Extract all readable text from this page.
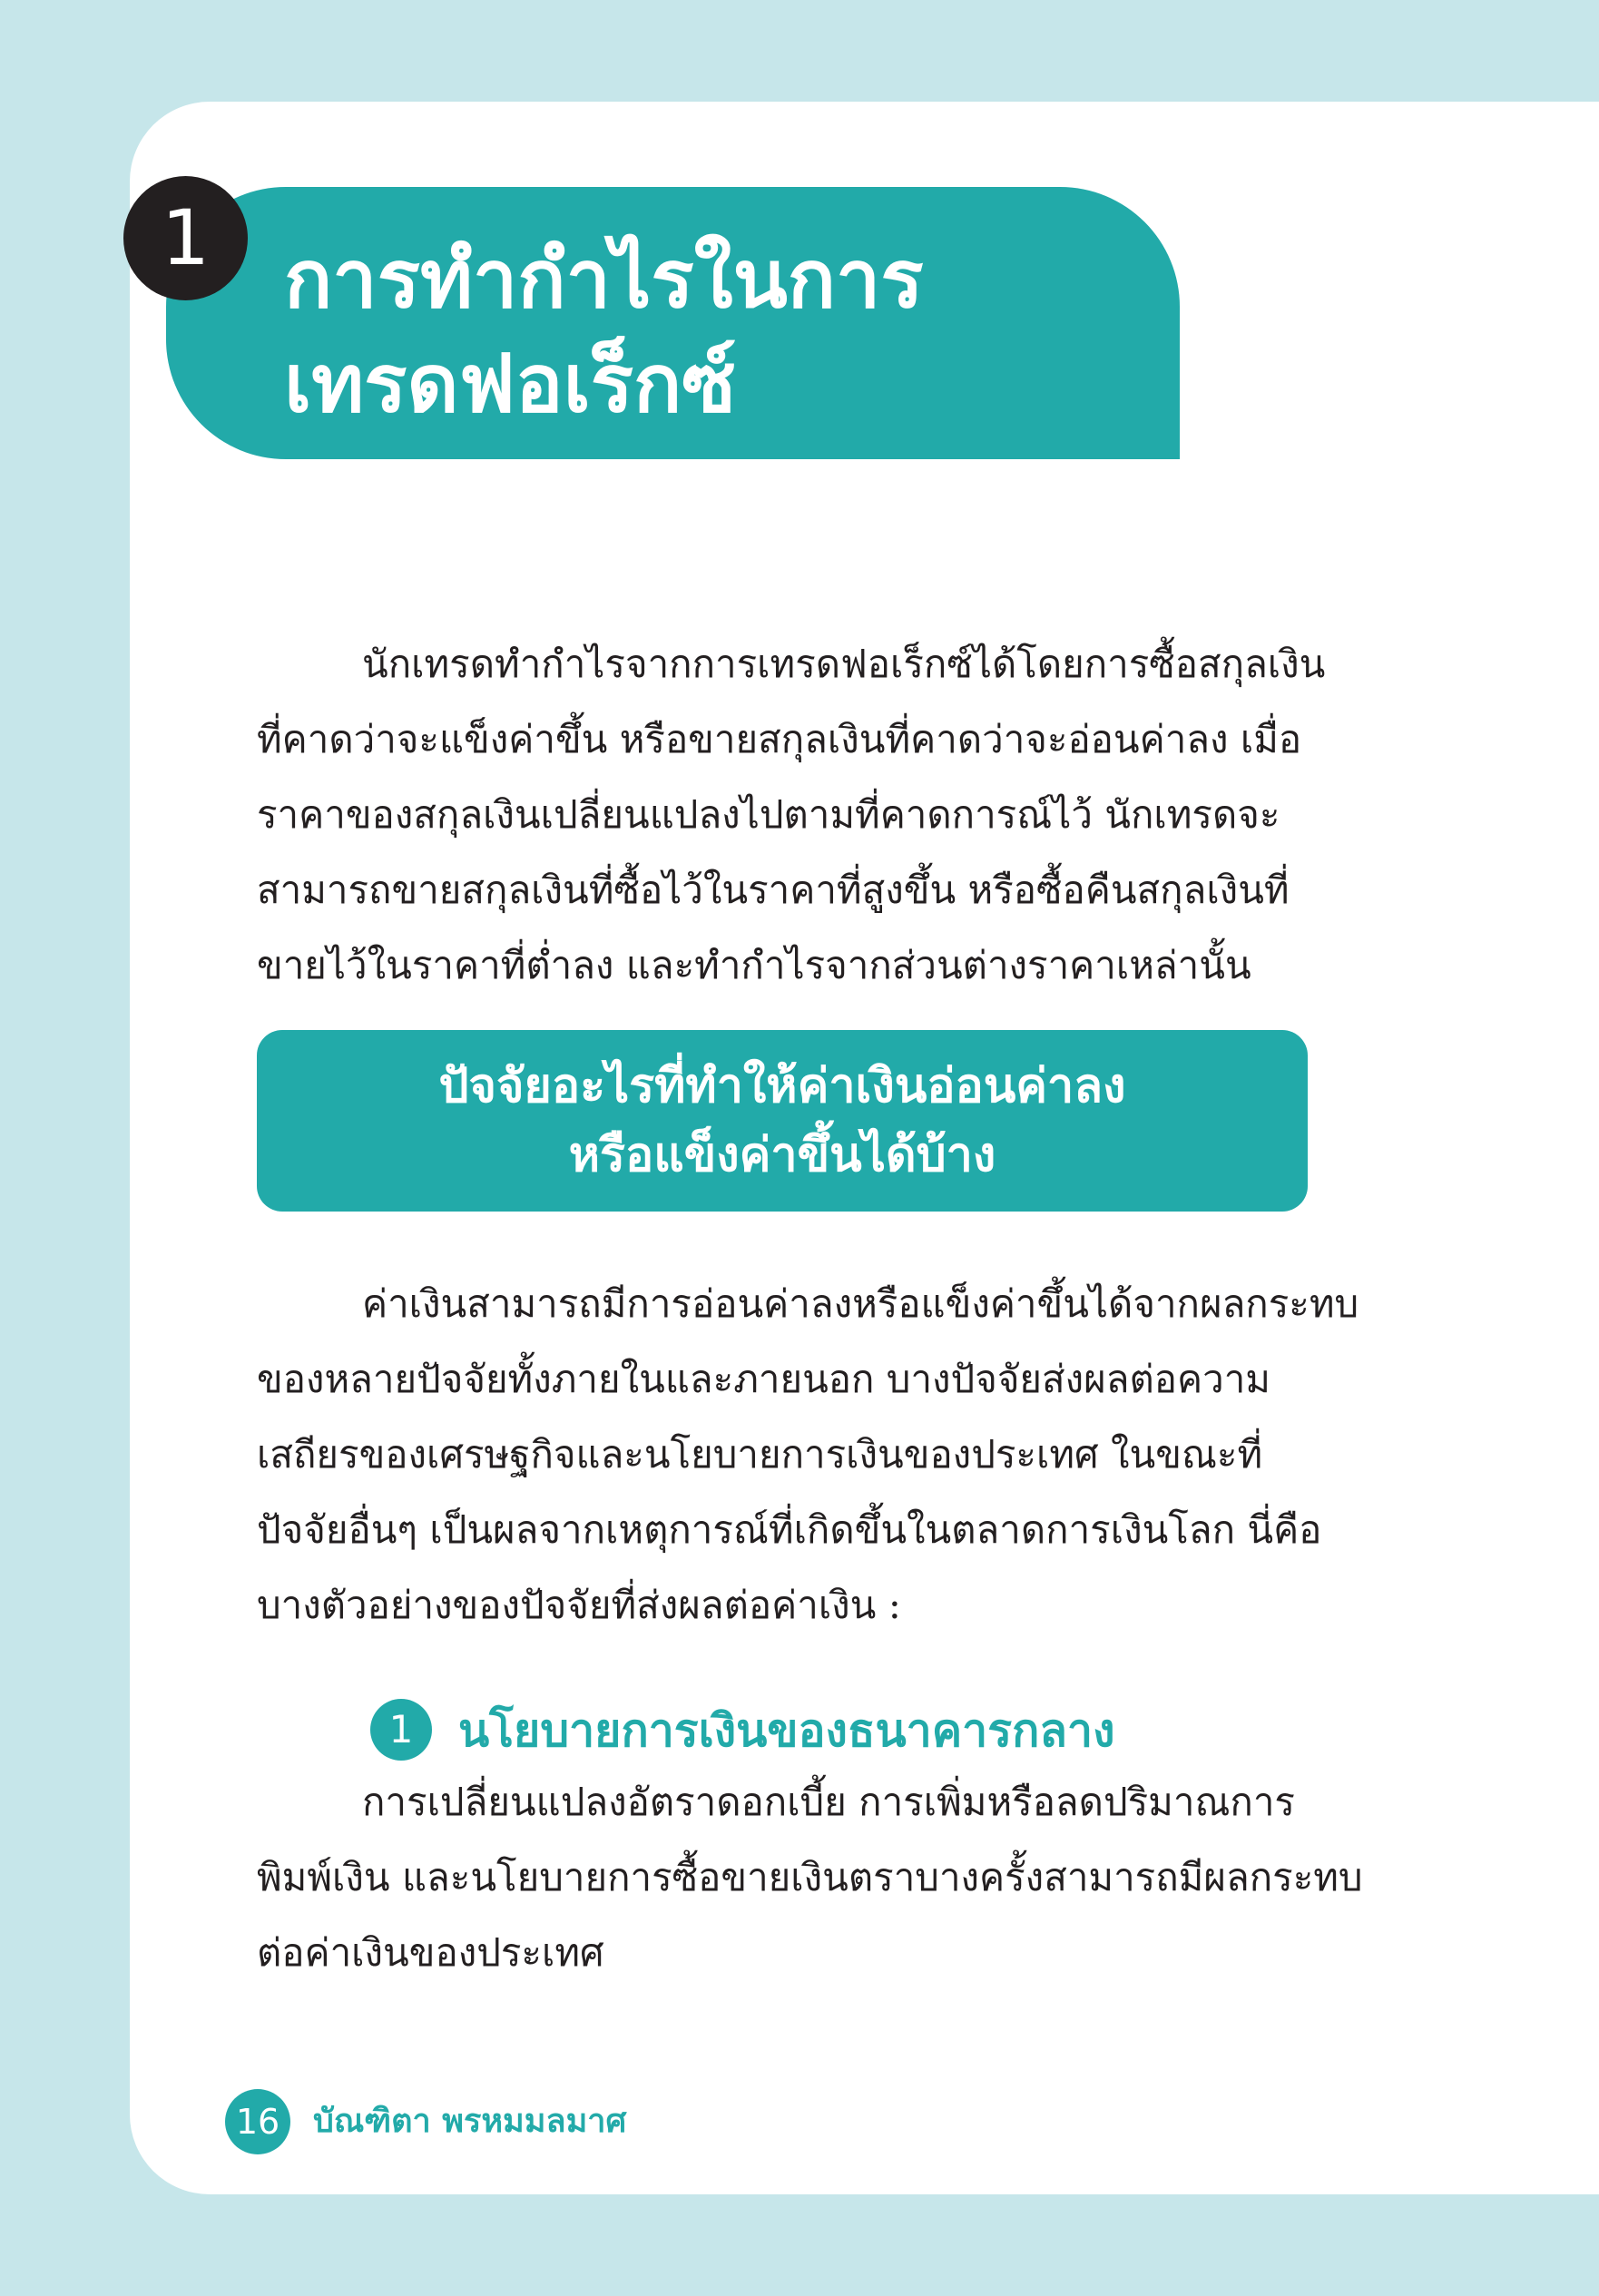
1 การทำกำไรในการ
เทรดฟอเร็กซ์
นักเทรดทำกำไรจากการเทรดฟอเร็กซ์ได้โดยการซื้อสกุลเงิน
ที่คาดว่าจะแข็งค่าขึ้น หรือขายสกุลเงินที่คาดว่าจะอ่อนค่าลง เมื่อ
ราคาของสกุลเงินเปลี่ยนแปลงไปตามที่คาดการณ์ไว้ นักเทรดจะ
สามารถขายสกุลเงินที่ซื้อไว้ในราคาที่สูงขึ้น หรือซื้อคืนสกุลเงินที่
ขายไว้ในราคาที่ต่ำลง และทำกำไรจากส่วนต่างราคาเหล่านั้น
ปัจจัยอะไรที่ทำให้ค่าเงินอ่อนค่าลง
หรือแข็งค่าขึ้นได้บ้าง
ค่าเงินสามารถมีการอ่อนค่าลงหรือแข็งค่าขึ้นได้จากผลกระทบ
ของหลายปัจจัยทั้งภายในและภายนอก บางปัจจัยส่งผลต่อความ
เสถียรของเศรษฐกิจและนโยบายการเงินของประเทศ ในขณะที่
ปัจจัยอื่นๆ เป็นผลจากเหตุการณ์ที่เกิดขึ้นในตลาดการเงินโลก นี่คือ
บางตัวอย่างของปัจจัยที่ส่งผลต่อค่าเงิน :
1 นโยบายการเงินของธนาคารกลาง
การเปลี่ยนแปลงอัตราดอกเบี้ย การเพิ่มหรือลดปริมาณการ
พิมพ์เงิน และนโยบายการซื้อขายเงินตราบางครั้งสามารถมีผลกระทบ
ต่อค่าเงินของประเทศ
16	บัณฑิตา พรหมมลมาศ
